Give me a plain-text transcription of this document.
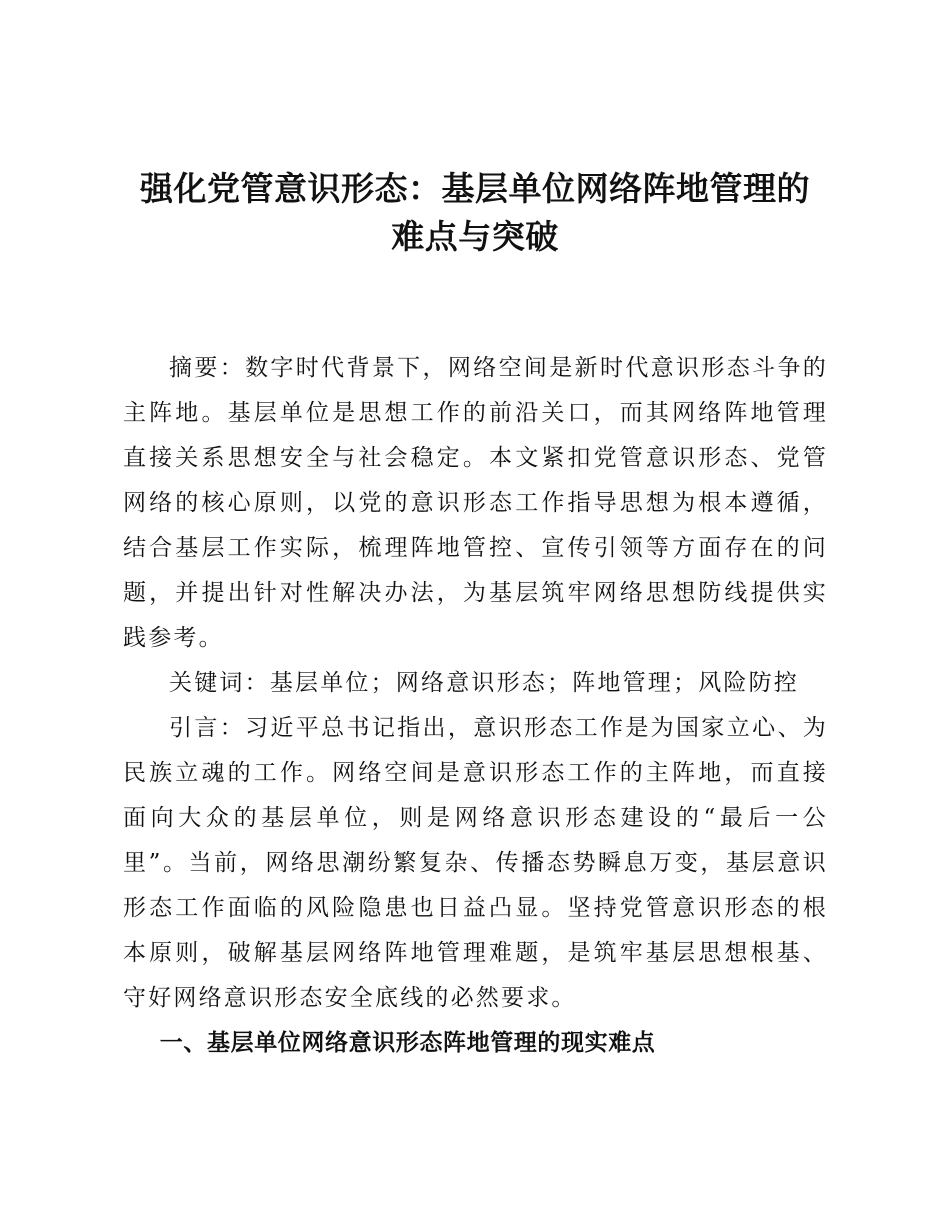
强化党管意识形态：基层单位网络阵地管理的
难点与突破

摘要：数字时代背景下，网络空间是新时代意识形态斗争的主阵地。基层单位是思想工作的前沿关口，而其网络阵地管理直接关系思想安全与社会稳定。本文紧扣党管意识形态、党管网络的核心原则，以党的意识形态工作指导思想为根本遵循，结合基层工作实际，梳理阵地管控、宣传引领等方面存在的问题，并提出针对性解决办法，为基层筑牢网络思想防线提供实践参考。

关键词：基层单位；网络意识形态；阵地管理；风险防控

引言：习近平总书记指出，意识形态工作是为国家立心、为民族立魂的工作。网络空间是意识形态工作的主阵地，而直接面向大众的基层单位，则是网络意识形态建设的“最后一公里”。当前，网络思潮纷繁复杂、传播态势瞬息万变，基层意识形态工作面临的风险隐患也日益凸显。坚持党管意识形态的根本原则，破解基层网络阵地管理难题，是筑牢基层思想根基、守好网络意识形态安全底线的必然要求。

一、基层单位网络意识形态阵地管理的现实难点
